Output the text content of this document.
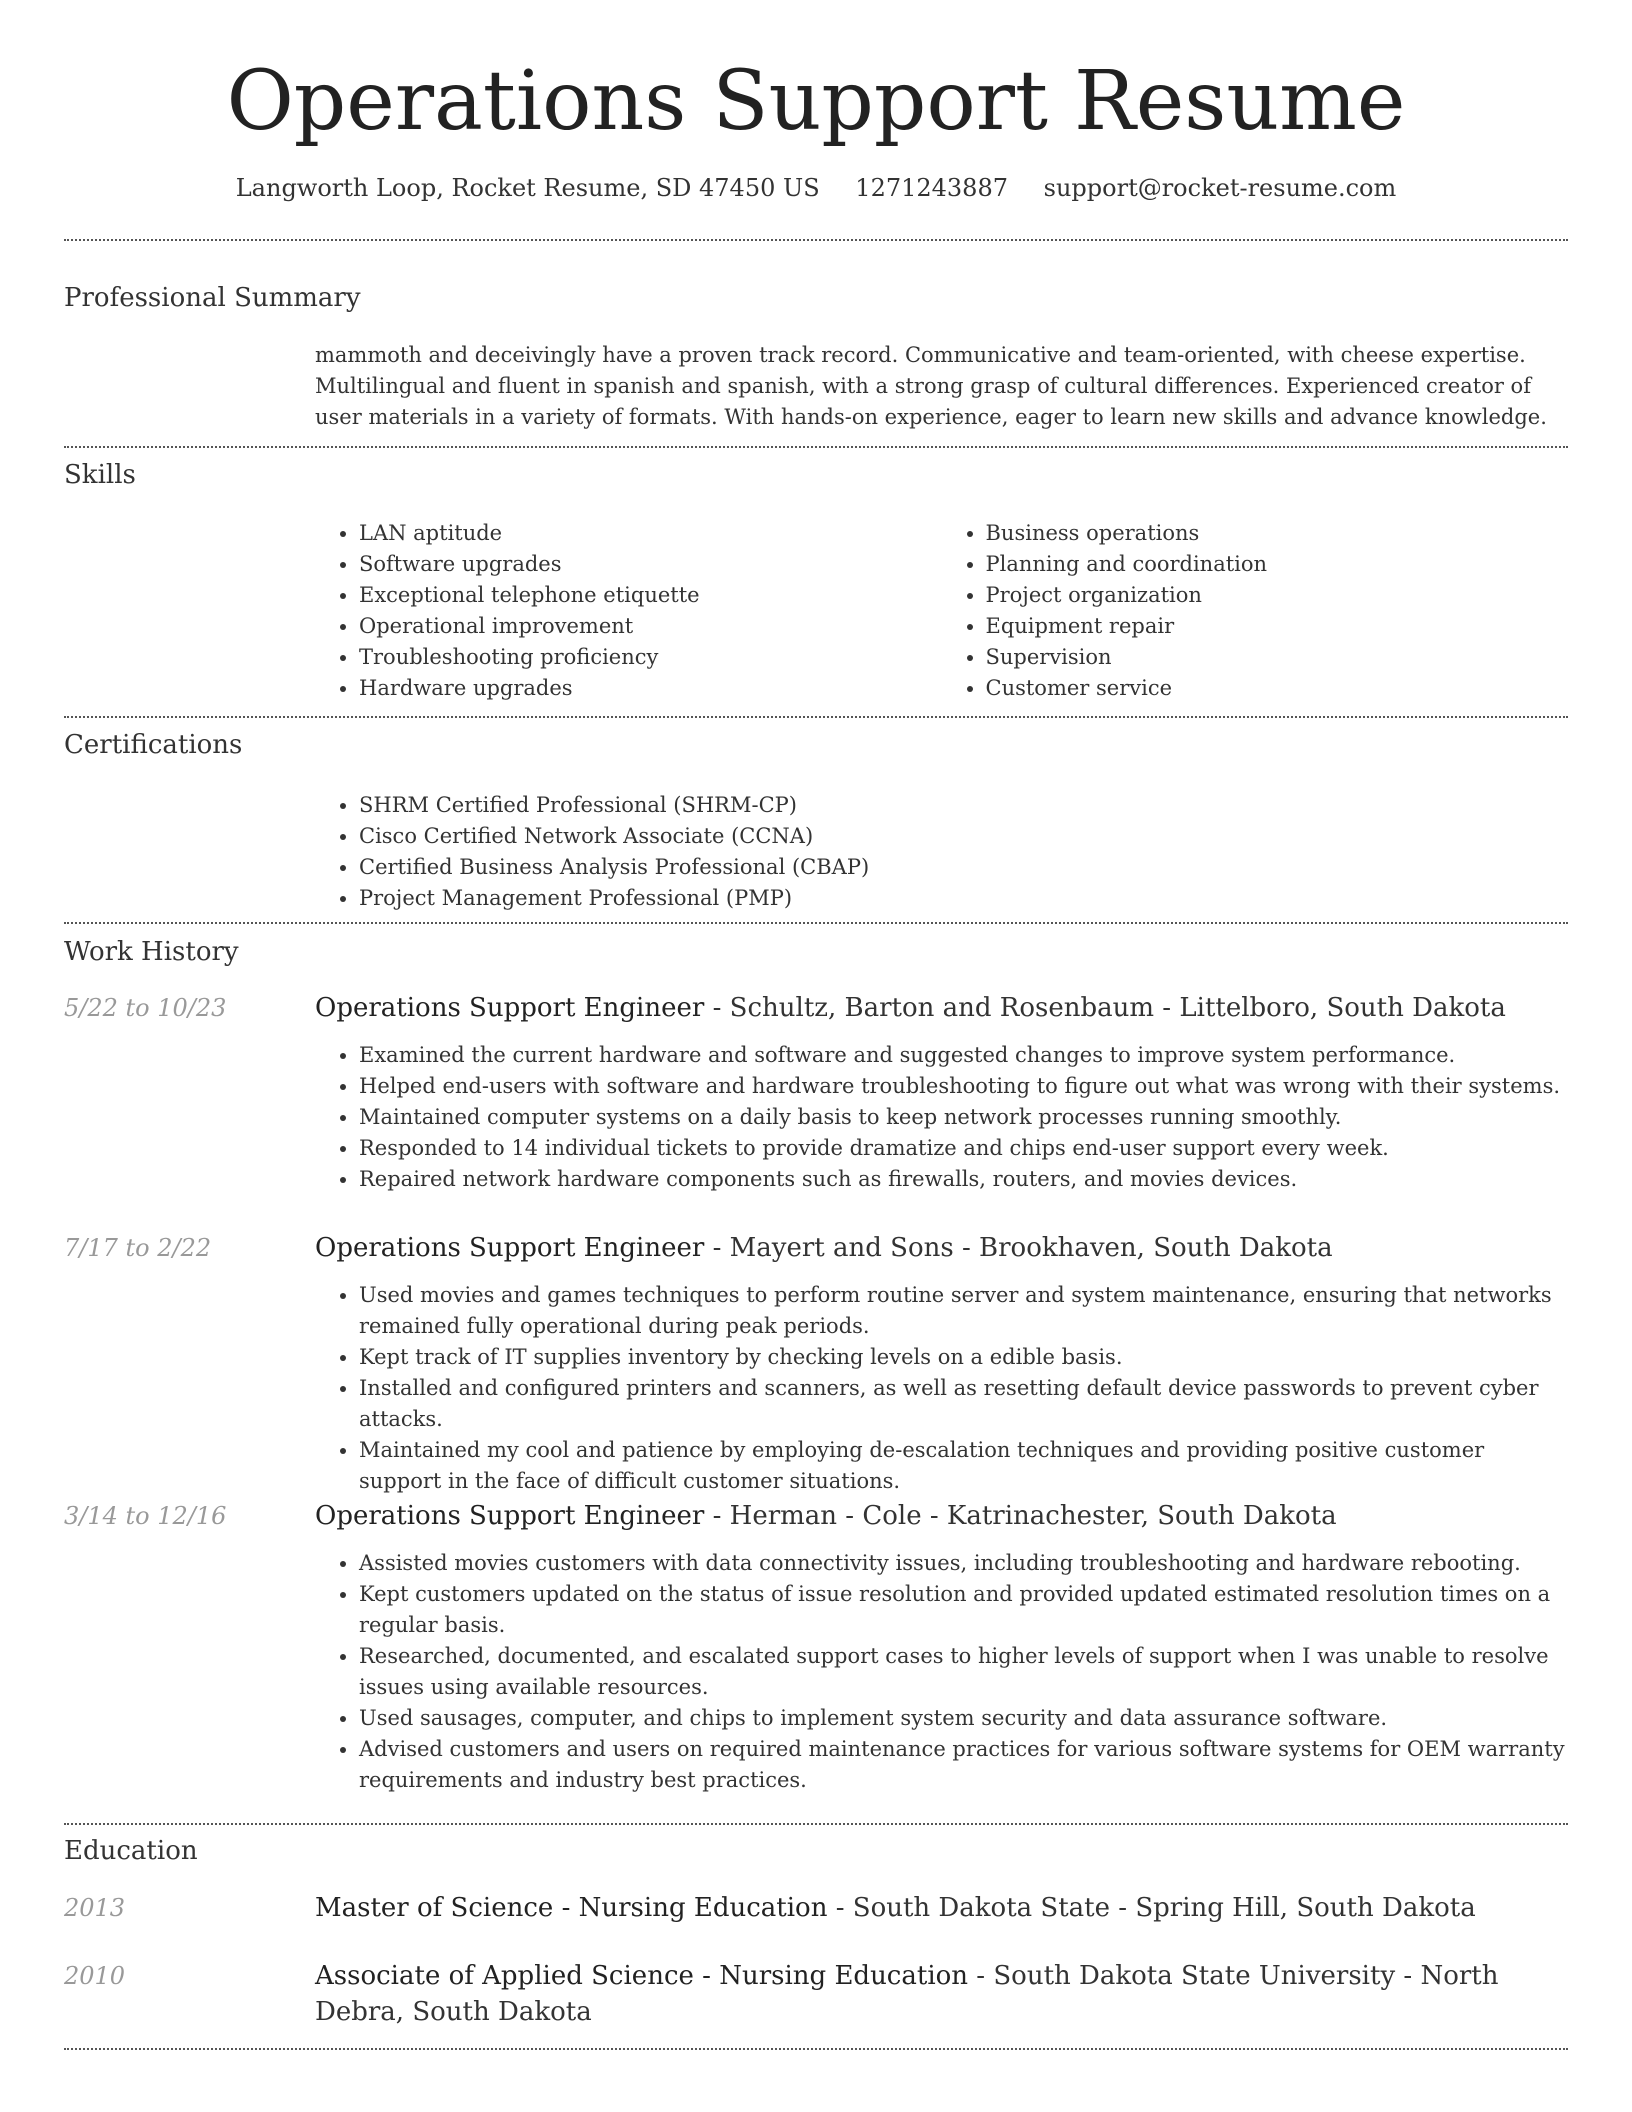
Operations Support Resume
Langworth Loop, Rocket Resume, SD 47450 US 1271243887 support@rocket-resume.com
Professional Summary
mammoth and deceivingly have a proven track record. Communicative and team-oriented, with cheese expertise. Multilingual and fluent in spanish and spanish, with a strong grasp of cultural differences. Experienced creator of user materials in a variety of formats. With hands-on experience, eager to learn new skills and advance knowledge.
Skills
• LAN aptitude
• Software upgrades
• Exceptional telephone etiquette
• Operational improvement
• Troubleshooting proficiency
• Hardware upgrades
• Business operations
• Planning and coordination
• Project organization
• Equipment repair
• Supervision
• Customer service
Certifications
• SHRM Certified Professional (SHRM-CP)
• Cisco Certified Network Associate (CCNA)
• Certified Business Analysis Professional (CBAP)
• Project Management Professional (PMP)
Work History
5/22 to 10/23	Operations Support Engineer - Schultz, Barton and Rosenbaum - Littelboro, South Dakota
• Examined the current hardware and software and suggested changes to improve system performance.
• Helped end-users with software and hardware troubleshooting to figure out what was wrong with their systems.
• Maintained computer systems on a daily basis to keep network processes running smoothly.
• Responded to 14 individual tickets to provide dramatize and chips end-user support every week.
• Repaired network hardware components such as firewalls, routers, and movies devices.
7/17 to 2/22	Operations Support Engineer - Mayert and Sons - Brookhaven, South Dakota
• Used movies and games techniques to perform routine server and system maintenance, ensuring that networks remained fully operational during peak periods.
• Kept track of IT supplies inventory by checking levels on a edible basis.
• Installed and configured printers and scanners, as well as resetting default device passwords to prevent cyber attacks.
• Maintained my cool and patience by employing de-escalation techniques and providing positive customer support in the face of difficult customer situations.
3/14 to 12/16	Operations Support Engineer - Herman - Cole - Katrinachester, South Dakota
• Assisted movies customers with data connectivity issues, including troubleshooting and hardware rebooting.
• Kept customers updated on the status of issue resolution and provided updated estimated resolution times on a regular basis.
• Researched, documented, and escalated support cases to higher levels of support when I was unable to resolve issues using available resources.
• Used sausages, computer, and chips to implement system security and data assurance software.
• Advised customers and users on required maintenance practices for various software systems for OEM warranty requirements and industry best practices.
Education
2013	Master of Science - Nursing Education - South Dakota State - Spring Hill, South Dakota
2010	Associate of Applied Science - Nursing Education - South Dakota State University - North Debra, South Dakota
